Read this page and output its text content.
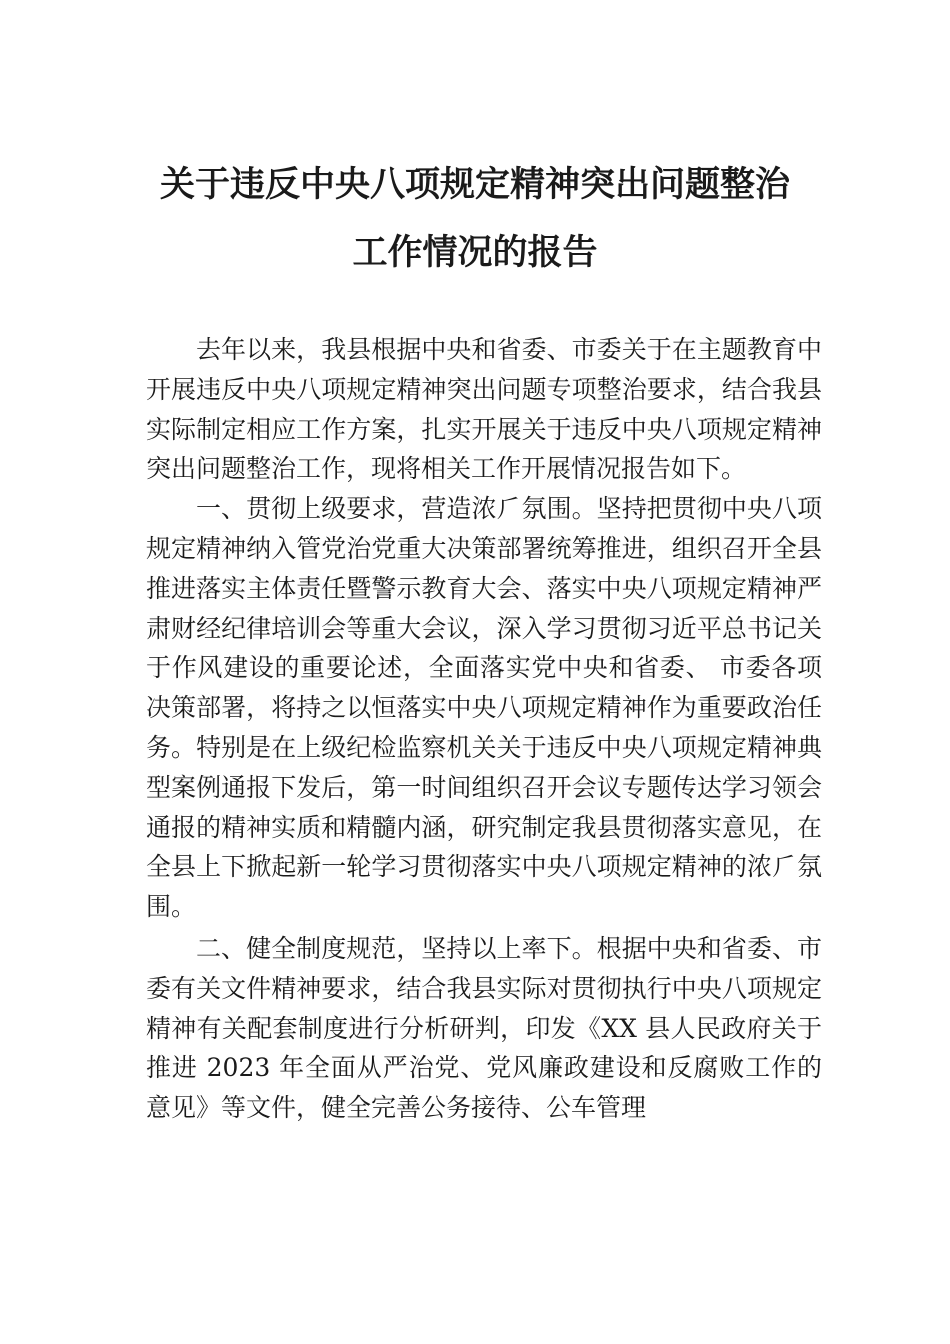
关于违反中央八项规定精神突出问题整治
工作情况的报告

去年以来，我县根据中央和省委、市委关于在主题教育中开展违反中央八项规定精神突出问题专项整治要求，结合我县实际制定相应工作方案，扎实开展关于违反中央八项规定精神突出问题整治工作，现将相关工作开展情况报告如下。

一、贯彻上级要求，营造浓⺁氛围。坚持把贯彻中央八项规定精神纳入管党治党重大决策部署统筹推进，组织召开全县推进落实主体责任暨警示教育大会、落实中央八项规定精神严肃财经纪律培训会等重大会议，深入学习贯彻习近平总书记关于作风建设的重要论述，全面落实党中央和省委、 市委各项决策部署，将持之以恒落实中央八项规定精神作为重要政治任务。特别是在上级纪检监察机关关于违反中央八项规定精神典型案例通报下发后，第一时间组织召开会议专题传达学习领会通报的精神实质和精髓内涵，研究制定我县贯彻落实意见，在全县上下掀起新一轮学习贯彻落实中央八项规定精神的浓⺁氛围。

二、健全制度规范，坚持以上率下。根据中央和省委、市委有关文件精神要求，结合我县实际对贯彻执行中央八项规定精神有关配套制度进行分析研判，印发《XX 县人民政府关于推进 2023 年全面从严治党、党风廉政建设和反腐败工作的意见》等文件，健全完善公务接待、公车管理
